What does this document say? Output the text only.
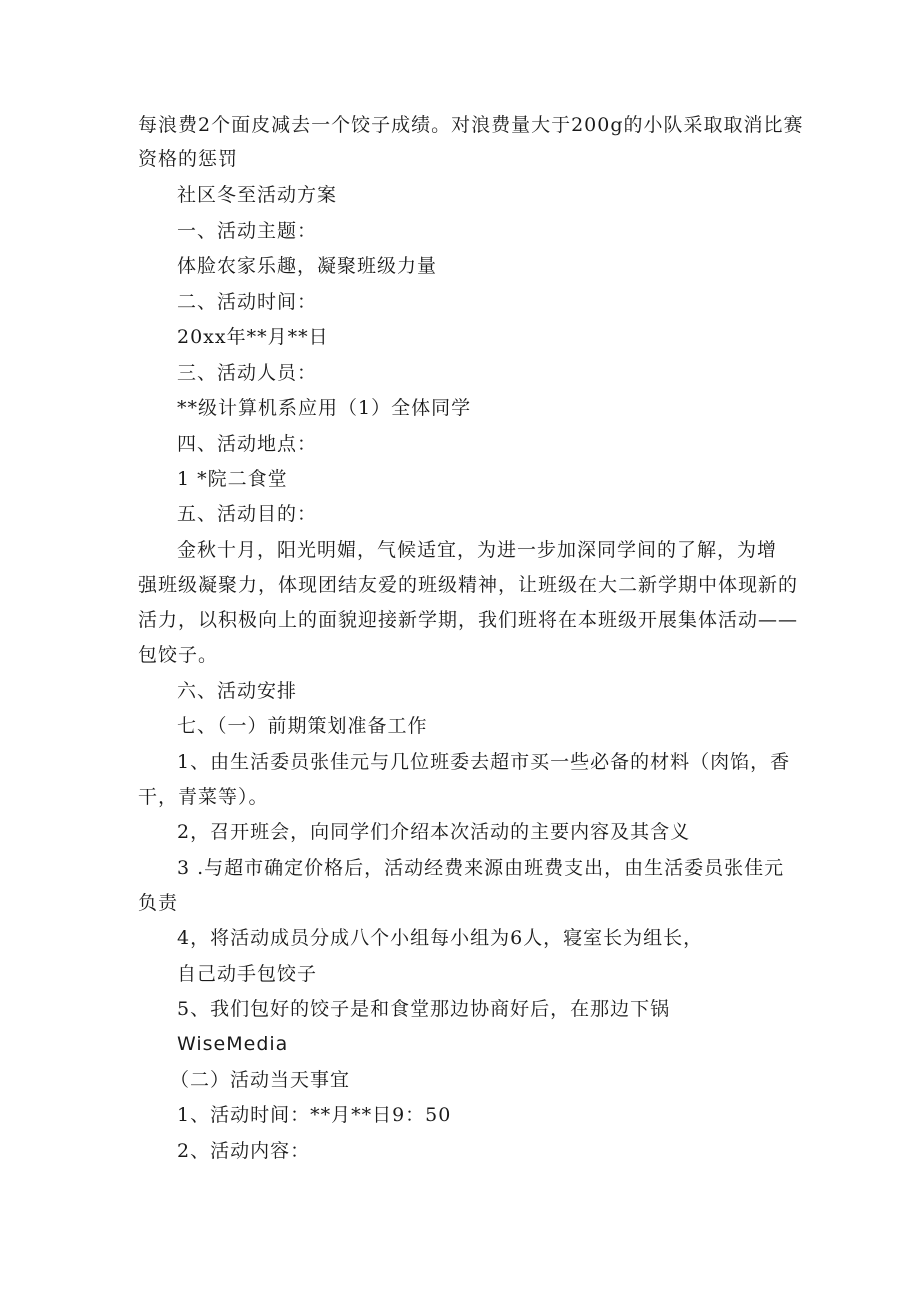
每浪费2个面皮减去一个饺子成绩。对浪费量大于200g的小队采取取消比赛
资格的惩罚
社区冬至活动方案
一、活动主题：
体脸农家乐趣，凝聚班级力量
二、活动时间：
20xx年**月**日
三、活动人员：
**级计算机系应用（1）全体同学
四、活动地点：
1 *院二食堂
五、活动目的：
金秋十月，阳光明媚，气候适宜，为进一步加深同学间的了解，为增
强班级凝聚力，体现团结友爱的班级精神，让班级在大二新学期中体现新的
活力，以积极向上的面貌迎接新学期，我们班将在本班级开展集体活动——
包饺子。
六、活动安排
七、（一）前期策划准备工作
1、由生活委员张佳元与几位班委去超市买一些必备的材料（肉馅，香
干，青菜等）。
2，召开班会，向同学们介绍本次活动的主要内容及其含义
3 .与超市确定价格后，活动经费来源由班费支出，由生活委员张佳元
负责
4，将活动成员分成八个小组每小组为6人，寝室长为组长，
自己动手包饺子
5、我们包好的饺子是和食堂那边协商好后，在那边下锅
WiseMedia
（二）活动当天事宜
1、活动时间：**月**日9：50
2、活动内容：
